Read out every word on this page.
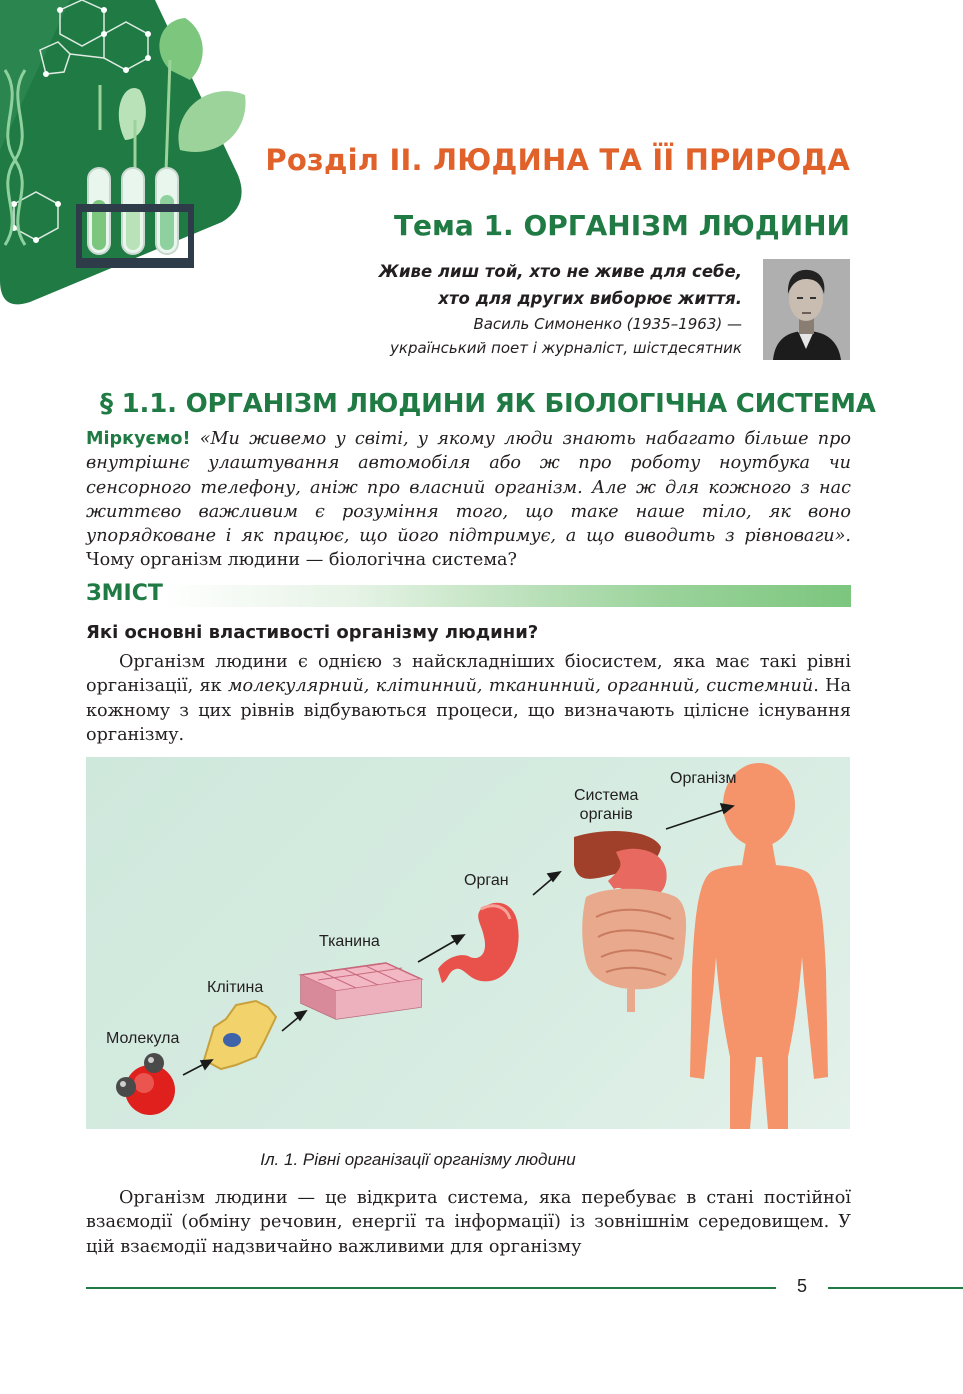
Розділ ІІ. ЛЮДИНА ТА ЇЇ ПРИРОДА
Тема 1. ОРГАНІЗМ ЛЮДИНИ
Живе лиш той, хто не живе для себе,
хто для других виборює життя.
Василь Симоненко (1935–1963) —
український поет і журналіст, шістдесятник
§ 1.1. ОРГАНІЗМ ЛЮДИНИ ЯК БІОЛОГІЧНА СИСТЕМА

Міркуємо! «Ми живемо у світі, у якому люди знають набагато більше про внутрішнє улаштування автомобіля або ж про роботу ноутбука чи сенсорного телефону, аніж про власний організм. Але ж для кожного з нас життєво важливим є розуміння того, що таке наше тіло, як воно упорядковане і як працює, що його підтримує, а що виводить з рівноваги». Чому організм людини — біологічна система?

ЗМІСТ
Які основні властивості організму людини?

Організм людини є однією з найскладніших біосистем, яка має такі рівні організації, як молекулярний, клітинний, тканинний, органний, системний. На кожному з цих рівнів відбуваються процеси, що визначають цілісне існування організму.

Молекула
Клітина
Тканина
Орган
Система
органів
Організм

Іл. 1. Рівні організації організму людини

Організм людини — це відкрита система, яка перебуває в стані постійної взаємодії (обміну речовин, енергії та інформації) із зовнішнім середовищем. У цій взаємодії надзвичайно важливими для організму

5
